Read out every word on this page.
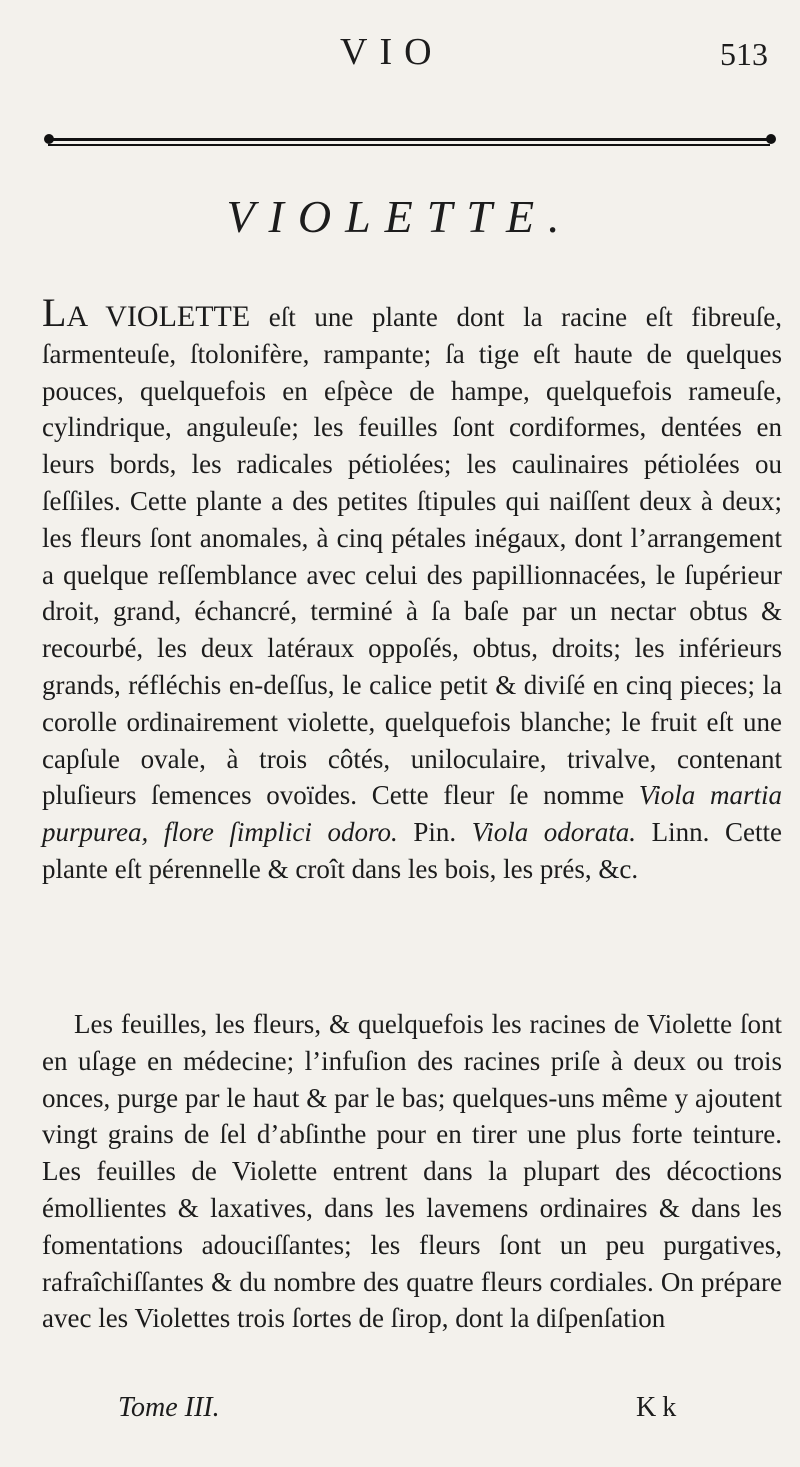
VIO	513
VIOLETTE.
LA VIOLETTE eſt une plante dont la racine eſt fibreuſe, ſarmenteuſe, ſtolonifère, rampante; ſa tige eſt haute de quelques pouces, quelquefois en eſpèce de hampe, quelquefois rameuſe, cylindrique, anguleuſe; les feuilles ſont cordiformes, dentées en leurs bords, les radicales pétiolées; les caulinaires pétiolées ou ſeſſiles. Cette plante a des petites ſtipules qui naiſſent deux à deux; les fleurs ſont anomales, à cinq pétales inégaux, dont l’arrangement a quelque reſſemblance avec celui des papillionnacées, le ſupérieur droit, grand, échancré, terminé à ſa baſe par un nectar obtus & recourbé, les deux latéraux oppoſés, obtus, droits; les inférieurs grands, réfléchis en-deſſus, le calice petit & diviſé en cinq pieces; la corolle ordinairement violette, quelquefois blanche; le fruit eſt une capſule ovale, à trois côtés, uniloculaire, trivalve, contenant pluſieurs ſemences ovoïdes. Cette fleur ſe nomme Viola martia purpurea, flore ſimplici odoro. Pin. Viola odorata. Linn. Cette plante eſt pérennelle & croît dans les bois, les prés, &c.
Les feuilles, les fleurs, & quelquefois les racines de Violette ſont en uſage en médecine; l’infuſion des racines priſe à deux ou trois onces, purge par le haut & par le bas; quelques-uns même y ajoutent vingt grains de ſel d’abſinthe pour en tirer une plus forte teinture. Les feuilles de Violette entrent dans la plupart des décoctions émollientes & laxatives, dans les lavemens ordinaires & dans les fomentations adouciſſantes; les fleurs ſont un peu purgatives, rafraîchiſſantes & du nombre des quatre fleurs cordiales. On prépare avec les Violettes trois ſortes de ſirop, dont la diſpenſation
Tome III.	Kk
